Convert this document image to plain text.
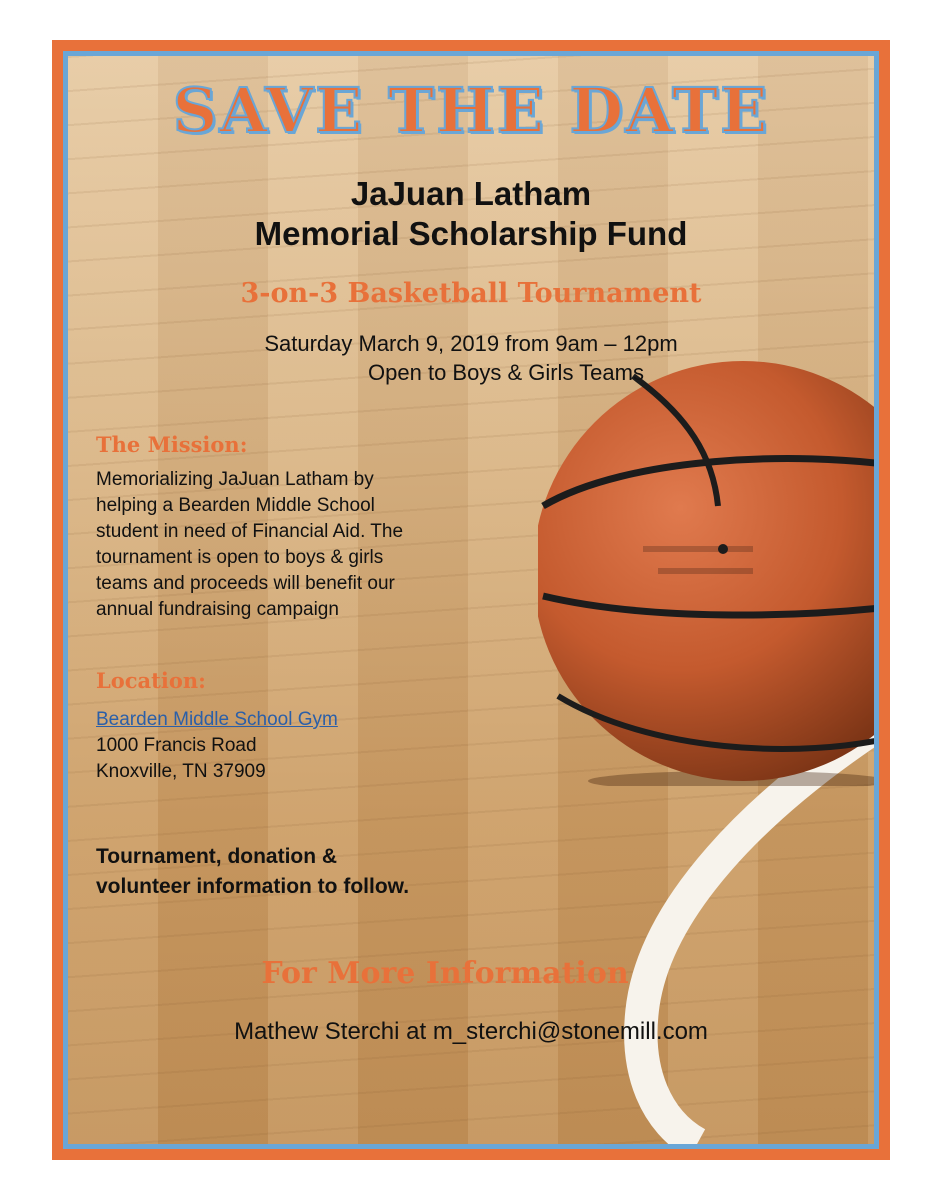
SAVE THE DATE
JaJuan Latham
Memorial Scholarship Fund
3-on-3 Basketball Tournament
Saturday March 9, 2019 from 9am – 12pm
Open to Boys & Girls Teams
The Mission:
Memorializing JaJuan Latham by
helping a Bearden Middle School
student in need of Financial Aid. The
tournament is open to boys & girls
teams and proceeds will benefit our
annual fundraising campaign
Location:
Bearden Middle School Gym
1000 Francis Road
Knoxville, TN 37909
Tournament, donation &
volunteer information to follow.
For More Information
Mathew Sterchi at m_sterchi@stonemill.com
